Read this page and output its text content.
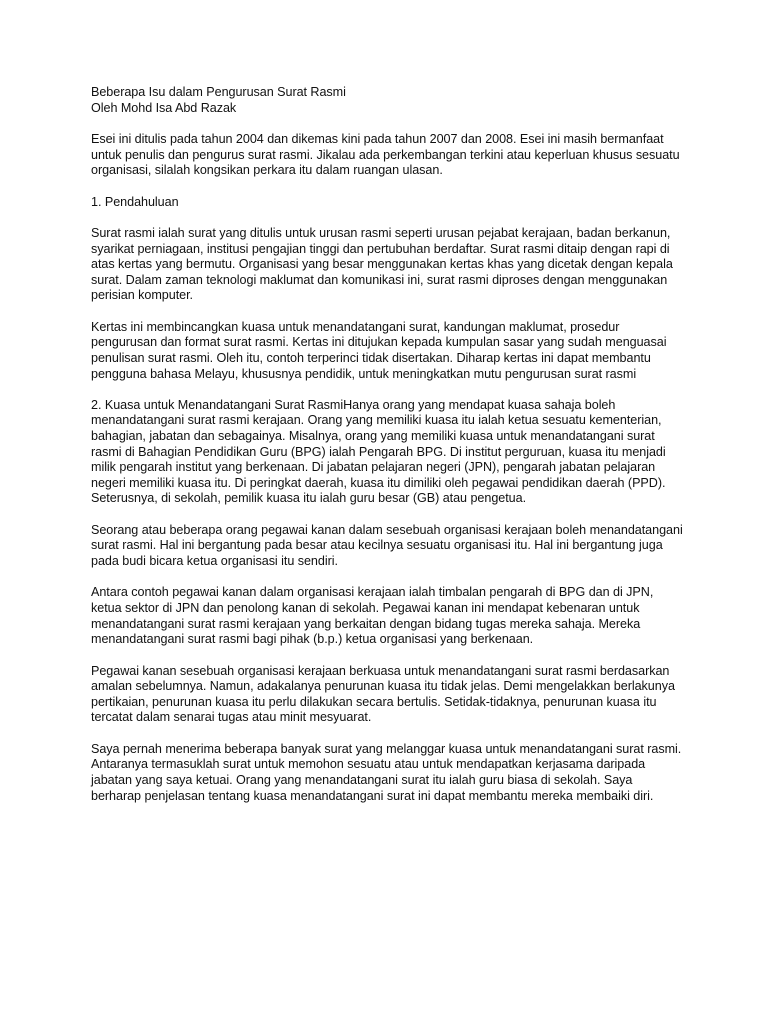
Beberapa Isu dalam Pengurusan Surat Rasmi

Oleh Mohd Isa Abd Razak

Esei ini ditulis pada tahun 2004 dan dikemas kini pada tahun 2007 dan 2008. Esei ini masih bermanfaat untuk penulis dan pengurus surat rasmi. Jikalau ada perkembangan terkini atau keperluan khusus sesuatu organisasi, silalah kongsikan perkara itu dalam ruangan ulasan.

1. Pendahuluan

Surat rasmi ialah surat yang ditulis untuk urusan rasmi seperti urusan pejabat kerajaan, badan berkanun, syarikat perniagaan, institusi pengajian tinggi dan pertubuhan berdaftar. Surat rasmi ditaip dengan rapi di atas kertas yang bermutu. Organisasi yang besar menggunakan kertas khas yang dicetak dengan kepala surat. Dalam zaman teknologi maklumat dan komunikasi ini, surat rasmi diproses dengan menggunakan perisian komputer.

Kertas ini membincangkan kuasa untuk menandatangani surat, kandungan maklumat, prosedur pengurusan dan format surat rasmi. Kertas ini ditujukan kepada kumpulan sasar yang sudah menguasai penulisan surat rasmi. Oleh itu, contoh terperinci tidak disertakan. Diharap kertas ini dapat membantu pengguna bahasa Melayu, khususnya pendidik, untuk meningkatkan mutu pengurusan surat rasmi

2. Kuasa untuk Menandatangani Surat RasmiHanya orang yang mendapat kuasa sahaja boleh menandatangani surat rasmi kerajaan. Orang yang memiliki kuasa itu ialah ketua sesuatu kementerian, bahagian, jabatan dan sebagainya. Misalnya, orang yang memiliki kuasa untuk menandatangani surat rasmi di Bahagian Pendidikan Guru (BPG) ialah Pengarah BPG. Di institut perguruan, kuasa itu menjadi milik pengarah institut yang berkenaan. Di jabatan pelajaran negeri (JPN), pengarah jabatan pelajaran negeri memiliki kuasa itu. Di peringkat daerah, kuasa itu dimiliki oleh pegawai pendidikan daerah (PPD). Seterusnya, di sekolah, pemilik kuasa itu ialah guru besar (GB) atau pengetua.

Seorang atau beberapa orang pegawai kanan dalam sesebuah organisasi kerajaan boleh menandatangani surat rasmi. Hal ini bergantung pada besar atau kecilnya sesuatu organisasi itu. Hal ini bergantung juga pada budi bicara ketua organisasi itu sendiri.

Antara contoh pegawai kanan dalam organisasi kerajaan ialah timbalan pengarah di BPG dan di JPN, ketua sektor di JPN dan penolong kanan di sekolah. Pegawai kanan ini mendapat kebenaran untuk menandatangani surat rasmi kerajaan yang berkaitan dengan bidang tugas mereka sahaja. Mereka menandatangani surat rasmi bagi pihak (b.p.) ketua organisasi yang berkenaan.

Pegawai kanan sesebuah organisasi kerajaan berkuasa untuk menandatangani surat rasmi berdasarkan amalan sebelumnya. Namun, adakalanya penurunan kuasa itu tidak jelas. Demi mengelakkan berlakunya pertikaian, penurunan kuasa itu perlu dilakukan secara bertulis. Setidak-tidaknya, penurunan kuasa itu tercatat dalam senarai tugas atau minit mesyuarat.

Saya pernah menerima beberapa banyak surat yang melanggar kuasa untuk menandatangani surat rasmi. Antaranya termasuklah surat untuk memohon sesuatu atau untuk mendapatkan kerjasama daripada jabatan yang saya ketuai. Orang yang menandatangani surat itu ialah guru biasa di sekolah. Saya berharap penjelasan tentang kuasa menandatangani surat ini dapat membantu mereka membaiki diri.
